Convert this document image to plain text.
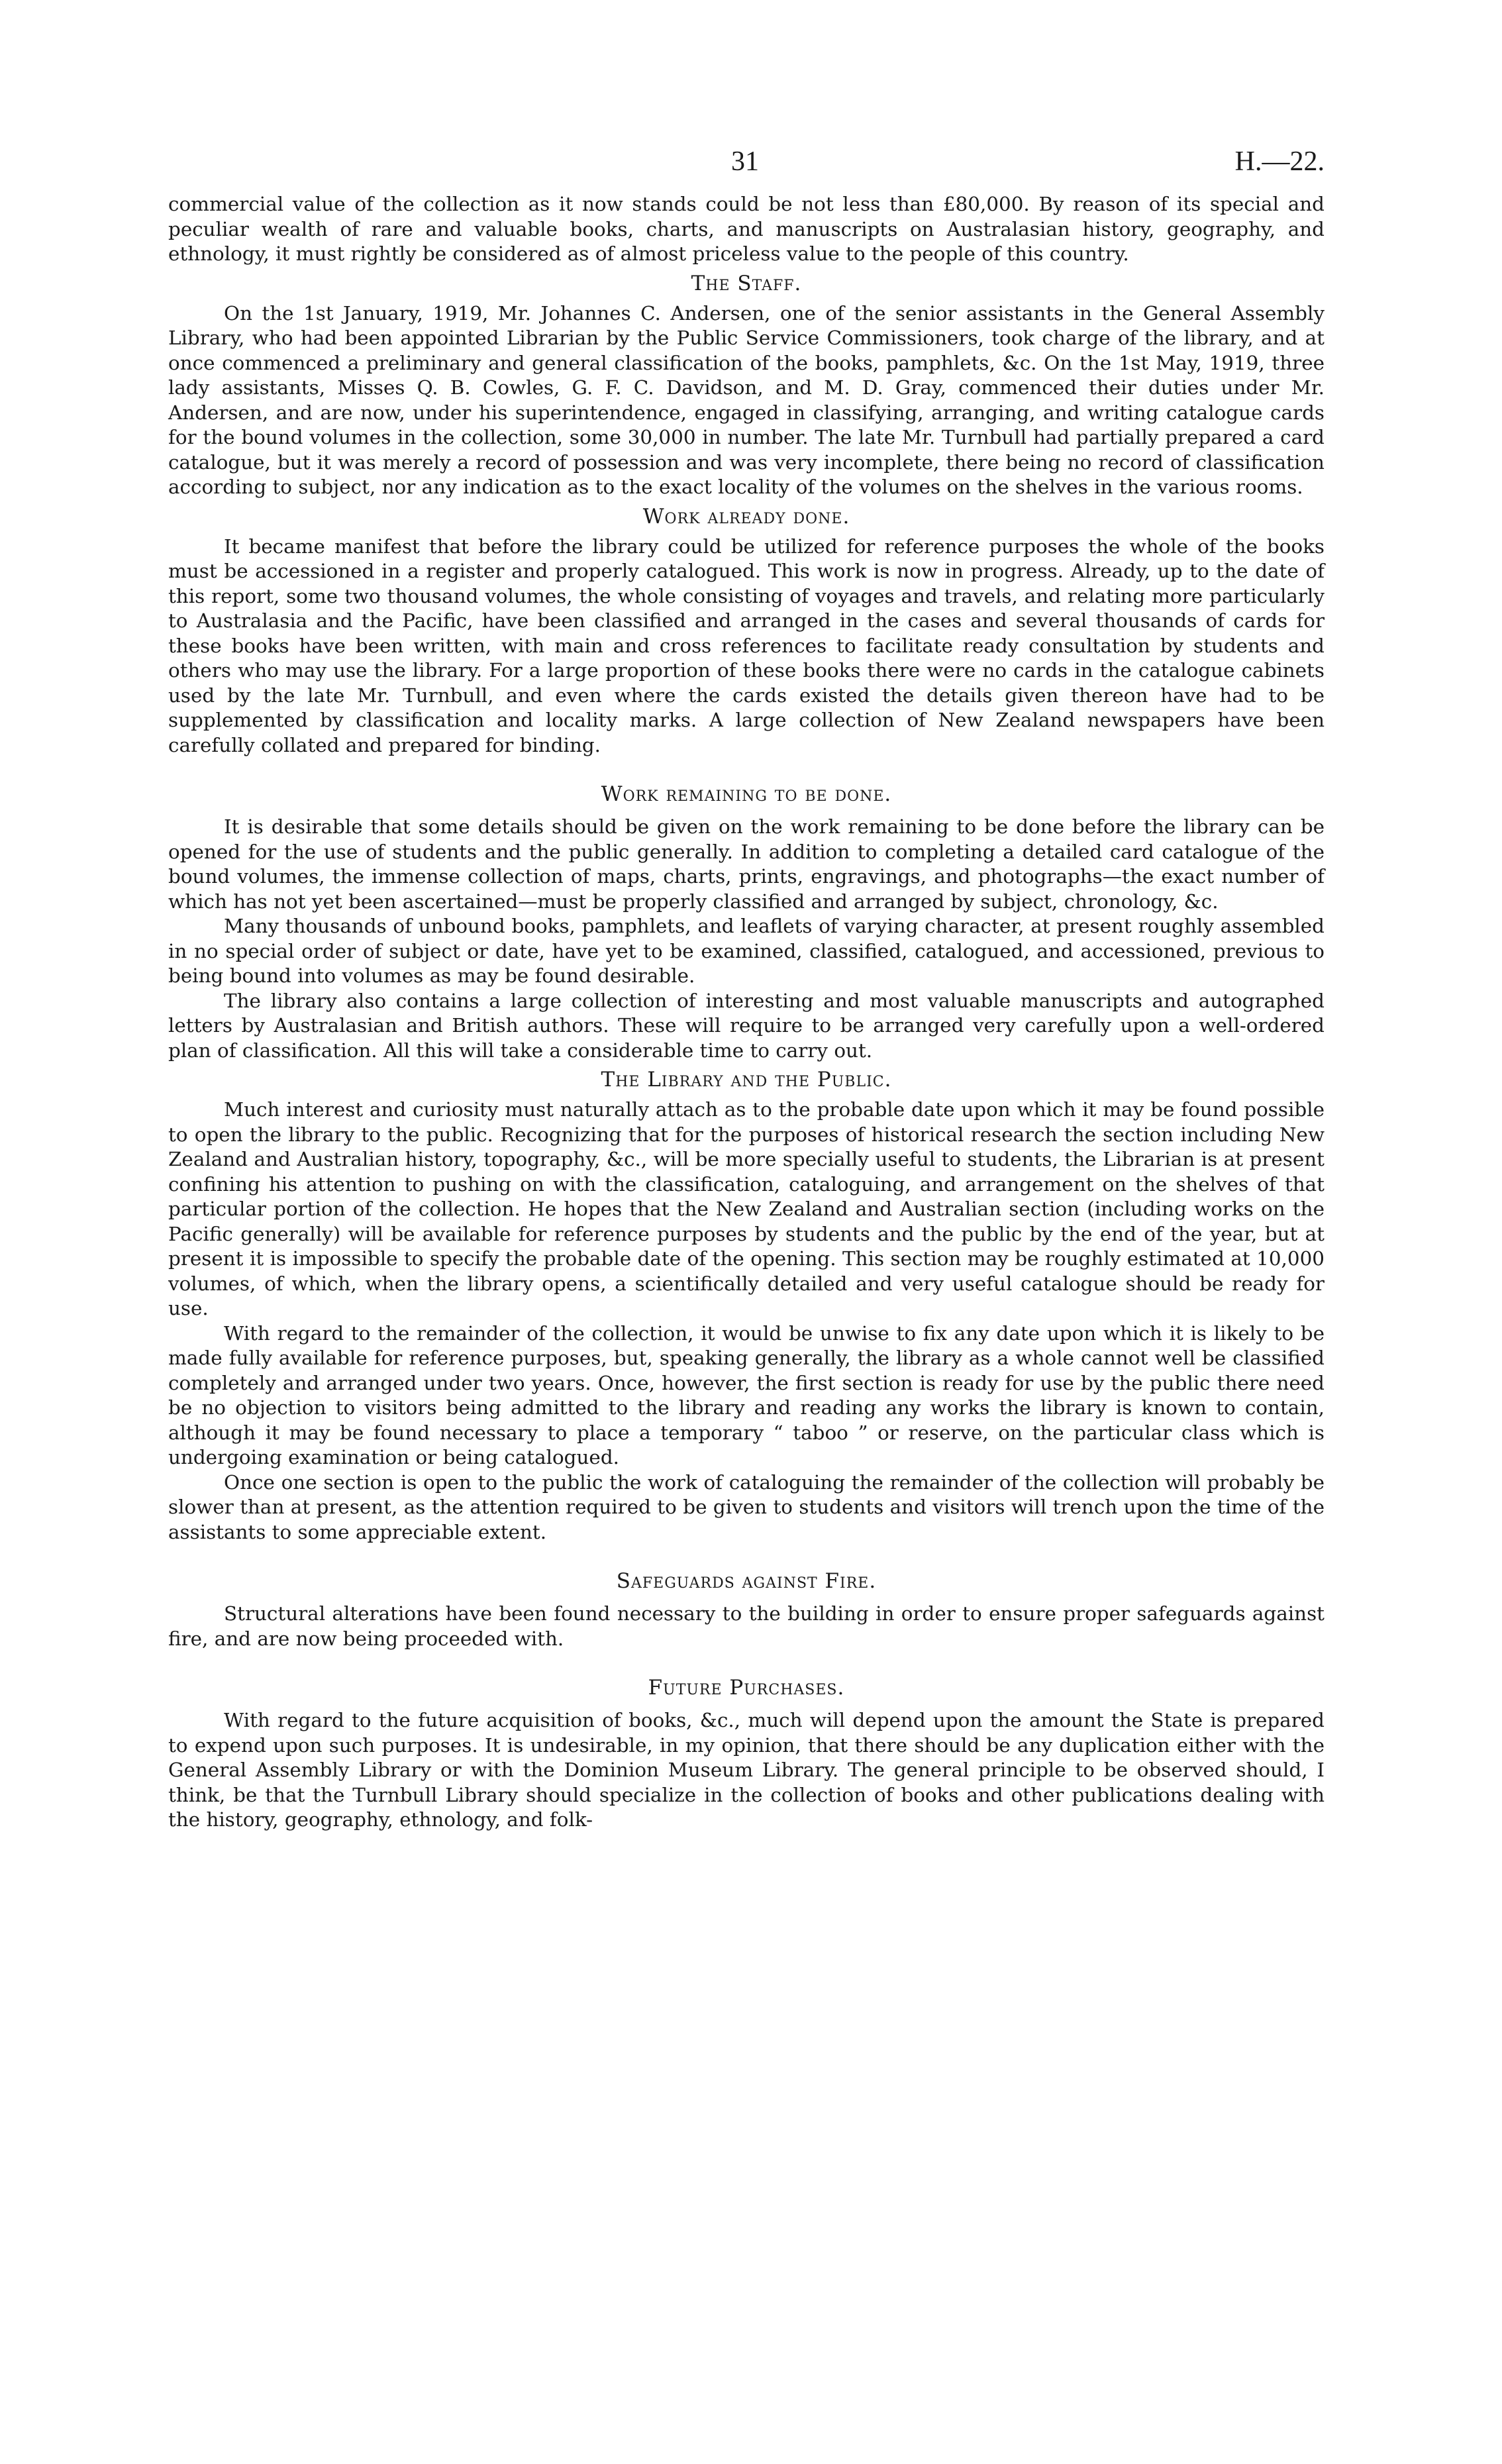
31	H.—22.

commercial value of the collection as it now stands could be not less than £80,000. By reason of its special and peculiar wealth of rare and valuable books, charts, and manuscripts on Australasian history, geography, and ethnology, it must rightly be considered as of almost priceless value to the people of this country.

The Staff.

On the 1st January, 1919, Mr. Johannes C. Andersen, one of the senior assistants in the General Assembly Library, who had been appointed Librarian by the Public Service Commissioners, took charge of the library, and at once commenced a preliminary and general classification of the books, pamphlets, &c. On the 1st May, 1919, three lady assistants, Misses Q. B. Cowles, G. F. C. Davidson, and M. D. Gray, commenced their duties under Mr. Andersen, and are now, under his superintendence, engaged in classifying, arranging, and writing catalogue cards for the bound volumes in the collection, some 30,000 in number. The late Mr. Turnbull had partially prepared a card catalogue, but it was merely a record of possession and was very incomplete, there being no record of classification according to subject, nor any indication as to the exact locality of the volumes on the shelves in the various rooms.

Work already done.

It became manifest that before the library could be utilized for reference purposes the whole of the books must be accessioned in a register and properly catalogued. This work is now in progress. Already, up to the date of this report, some two thousand volumes, the whole consisting of voyages and travels, and relating more particularly to Australasia and the Pacific, have been classified and arranged in the cases and several thousands of cards for these books have been written, with main and cross references to facilitate ready consultation by students and others who may use the library. For a large proportion of these books there were no cards in the catalogue cabinets used by the late Mr. Turnbull, and even where the cards existed the details given thereon have had to be supplemented by classification and locality marks. A large collection of New Zealand newspapers have been carefully collated and prepared for binding.

Work remaining to be done.

It is desirable that some details should be given on the work remaining to be done before the library can be opened for the use of students and the public generally. In addition to completing a detailed card catalogue of the bound volumes, the immense collection of maps, charts, prints, engravings, and photographs—the exact number of which has not yet been ascertained—must be properly classified and arranged by subject, chronology, &c.

Many thousands of unbound books, pamphlets, and leaflets of varying character, at present roughly assembled in no special order of subject or date, have yet to be examined, classified, catalogued, and accessioned, previous to being bound into volumes as may be found desirable.

The library also contains a large collection of interesting and most valuable manuscripts and autographed letters by Australasian and British authors. These will require to be arranged very carefully upon a well-ordered plan of classification. All this will take a considerable time to carry out.

The Library and the Public.

Much interest and curiosity must naturally attach as to the probable date upon which it may be found possible to open the library to the public. Recognizing that for the purposes of historical research the section including New Zealand and Australian history, topography, &c., will be more specially useful to students, the Librarian is at present confining his attention to pushing on with the classification, cataloguing, and arrangement on the shelves of that particular portion of the collection. He hopes that the New Zealand and Australian section (including works on the Pacific generally) will be available for reference purposes by students and the public by the end of the year, but at present it is impossible to specify the probable date of the opening. This section may be roughly estimated at 10,000 volumes, of which, when the library opens, a scientifically detailed and very useful catalogue should be ready for use.

With regard to the remainder of the collection, it would be unwise to fix any date upon which it is likely to be made fully available for reference purposes, but, speaking generally, the library as a whole cannot well be classified completely and arranged under two years. Once, however, the first section is ready for use by the public there need be no objection to visitors being admitted to the library and reading any works the library is known to contain, although it may be found necessary to place a temporary “ taboo ” or reserve, on the particular class which is undergoing examination or being catalogued.

Once one section is open to the public the work of cataloguing the remainder of the collection will probably be slower than at present, as the attention required to be given to students and visitors will trench upon the time of the assistants to some appreciable extent.

Safeguards against Fire.

Structural alterations have been found necessary to the building in order to ensure proper safeguards against fire, and are now being proceeded with.

Future Purchases.

With regard to the future acquisition of books, &c., much will depend upon the amount the State is prepared to expend upon such purposes. It is undesirable, in my opinion, that there should be any duplication either with the General Assembly Library or with the Dominion Museum Library. The general principle to be observed should, I think, be that the Turnbull Library should specialize in the collection of books and other publications dealing with the history, geography, ethnology, and folk-
